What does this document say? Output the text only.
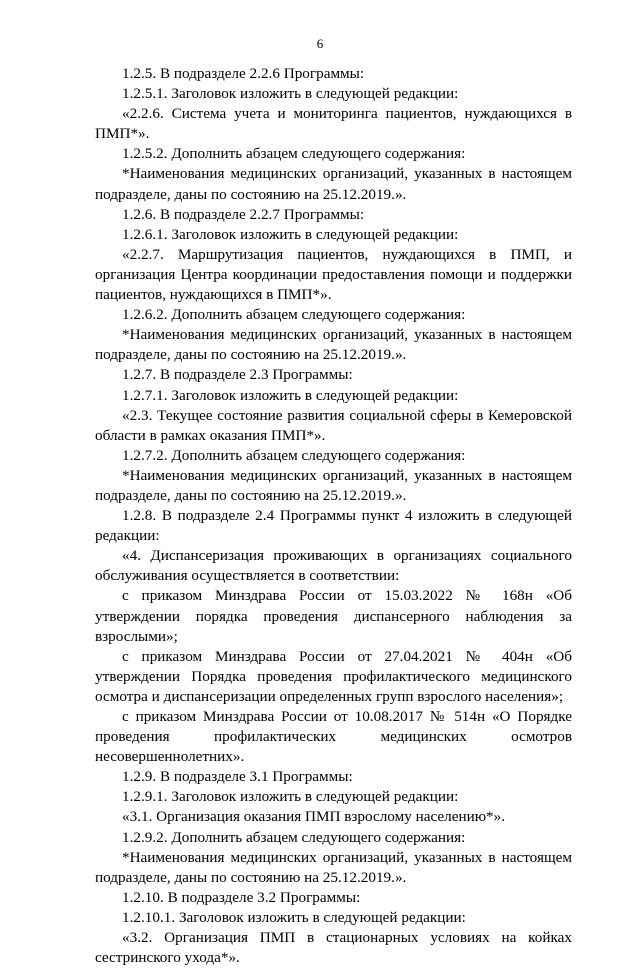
6

1.2.5. В подразделе 2.2.6 Программы:

1.2.5.1. Заголовок изложить в следующей редакции:

«2.2.6. Система учета и мониторинга пациентов, нуждающихся в ПМП*».

1.2.5.2. Дополнить абзацем следующего содержания:

*Наименования медицинских организаций, указанных в настоящем подразделе, даны по состоянию на 25.12.2019.».

1.2.6. В подразделе 2.2.7 Программы:

1.2.6.1. Заголовок изложить в следующей редакции:

«2.2.7. Маршрутизация пациентов, нуждающихся в ПМП, и организация Центра координации предоставления помощи и поддержки пациентов, нуждающихся в ПМП*».

1.2.6.2. Дополнить абзацем следующего содержания:

*Наименования медицинских организаций, указанных в настоящем подразделе, даны по состоянию на 25.12.2019.».

1.2.7. В подразделе 2.3 Программы:

1.2.7.1. Заголовок изложить в следующей редакции:

«2.3. Текущее состояние развития социальной сферы в Кемеровской области в рамках оказания ПМП*».

1.2.7.2. Дополнить абзацем следующего содержания:

*Наименования медицинских организаций, указанных в настоящем подразделе, даны по состоянию на 25.12.2019.».

1.2.8. В подразделе 2.4 Программы пункт 4 изложить в следующей редакции:

«4. Диспансеризация проживающих в организациях социального обслуживания осуществляется в соответствии:

с приказом Минздрава России от 15.03.2022 № 168н «Об утверждении порядка проведения диспансерного наблюдения за взрослыми»;

с приказом Минздрава России от 27.04.2021 № 404н «Об утверждении Порядка проведения профилактического медицинского осмотра и диспансеризации определенных групп взрослого населения»;

с приказом Минздрава России от 10.08.2017 № 514н «О Порядке проведения профилактических медицинских осмотров несовершеннолетних».

1.2.9. В подразделе 3.1 Программы:

1.2.9.1. Заголовок изложить в следующей редакции:

«3.1. Организация оказания ПМП взрослому населению*».

1.2.9.2. Дополнить абзацем следующего содержания:

*Наименования медицинских организаций, указанных в настоящем подразделе, даны по состоянию на 25.12.2019.».

1.2.10. В подразделе 3.2 Программы:

1.2.10.1. Заголовок изложить в следующей редакции:

«3.2. Организация ПМП в стационарных условиях на койках сестринского ухода*».
